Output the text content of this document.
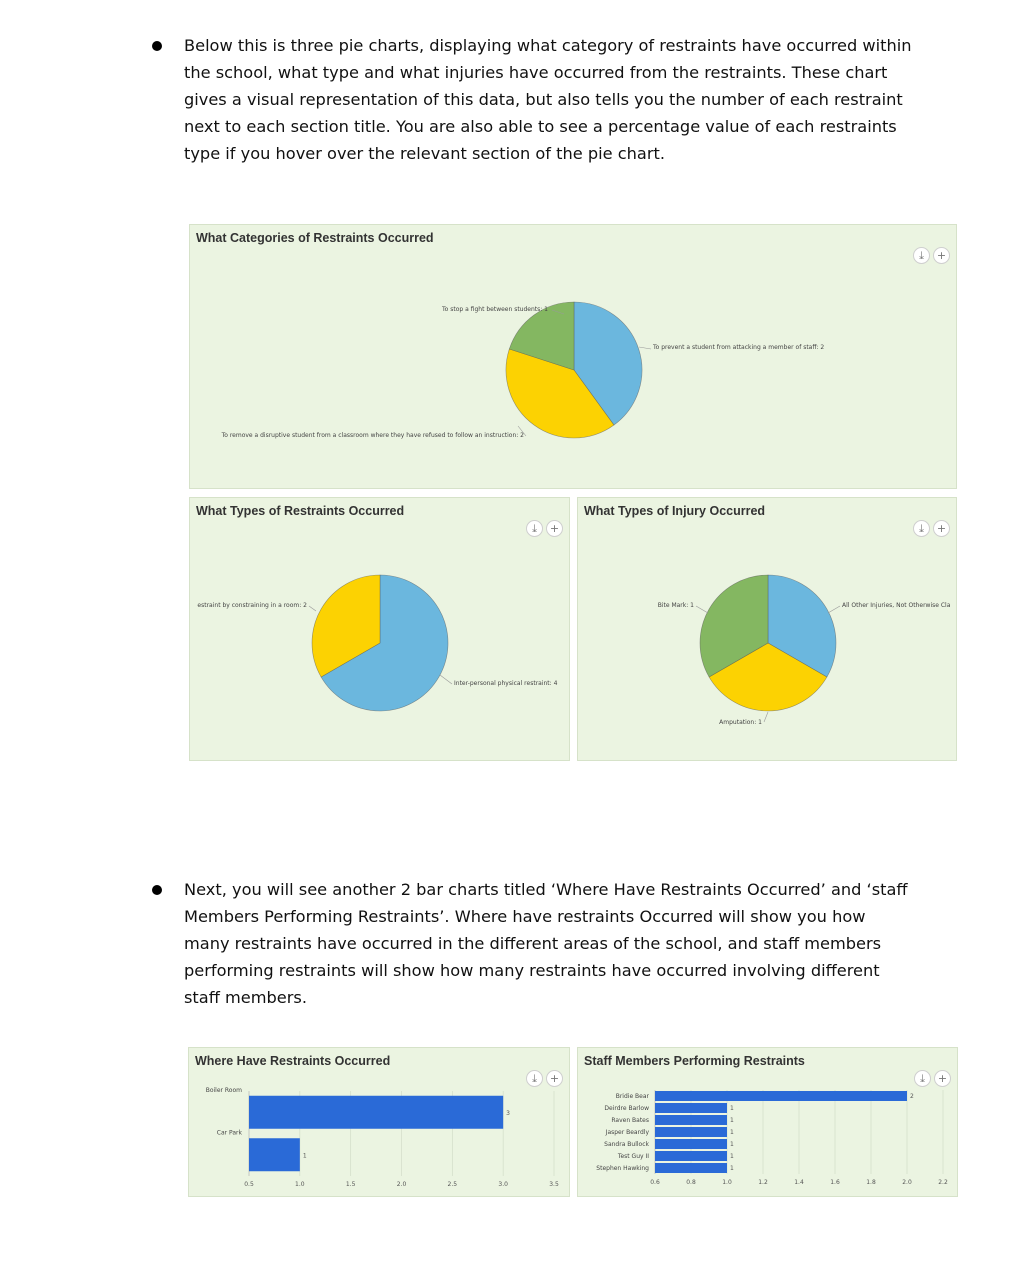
Below this is three pie charts, displaying what category of restraints have occurred within the school, what type and what injuries have occurred from the restraints. These chart gives a visual representation of this data, but also tells you the number of each restraint next to each section title. You are also able to see a percentage value of each restraints type if you hover over the relevant section of the pie chart.
What Categories of Restraints Occurred
⤓	+
To prevent a student from attacking a member of staff: 2
To remove a disruptive student from a classroom where they have refused to follow an instruction: 2
To stop a fight between students: 1
What Types of Restraints Occurred
⤓	+
Inter-personal physical restraint: 4
estraint by constraining in a room: 2
What Types of Injury Occurred
⤓	+
All Other Injuries, Not Otherwise Cla
Amputation: 1
Bite Mark: 1
Next, you will see another 2 bar charts titled ‘Where Have Restraints Occurred’ and ‘staff Members Performing Restraints’. Where have restraints Occurred will show you how many restraints have occurred in the different areas of the school, and staff members performing restraints will show how many restraints have occurred involving different staff members.
Where Have Restraints Occurred
⤓	+
0.5	1.0	1.5	2.0	2.5	3.0	3.5
3
Boiler Room
1
Car Park
Staff Members Performing Restraints
⤓	+
0.6	0.8	1.0	1.2	1.4	1.6	1.8	2.0	2.2
2
Bridie Bear
1
Deirdre Barlow
1
Raven Bates
1
Jasper Beardly
1
Sandra Bullock
1
Test Guy II
1
Stephen Hawking
